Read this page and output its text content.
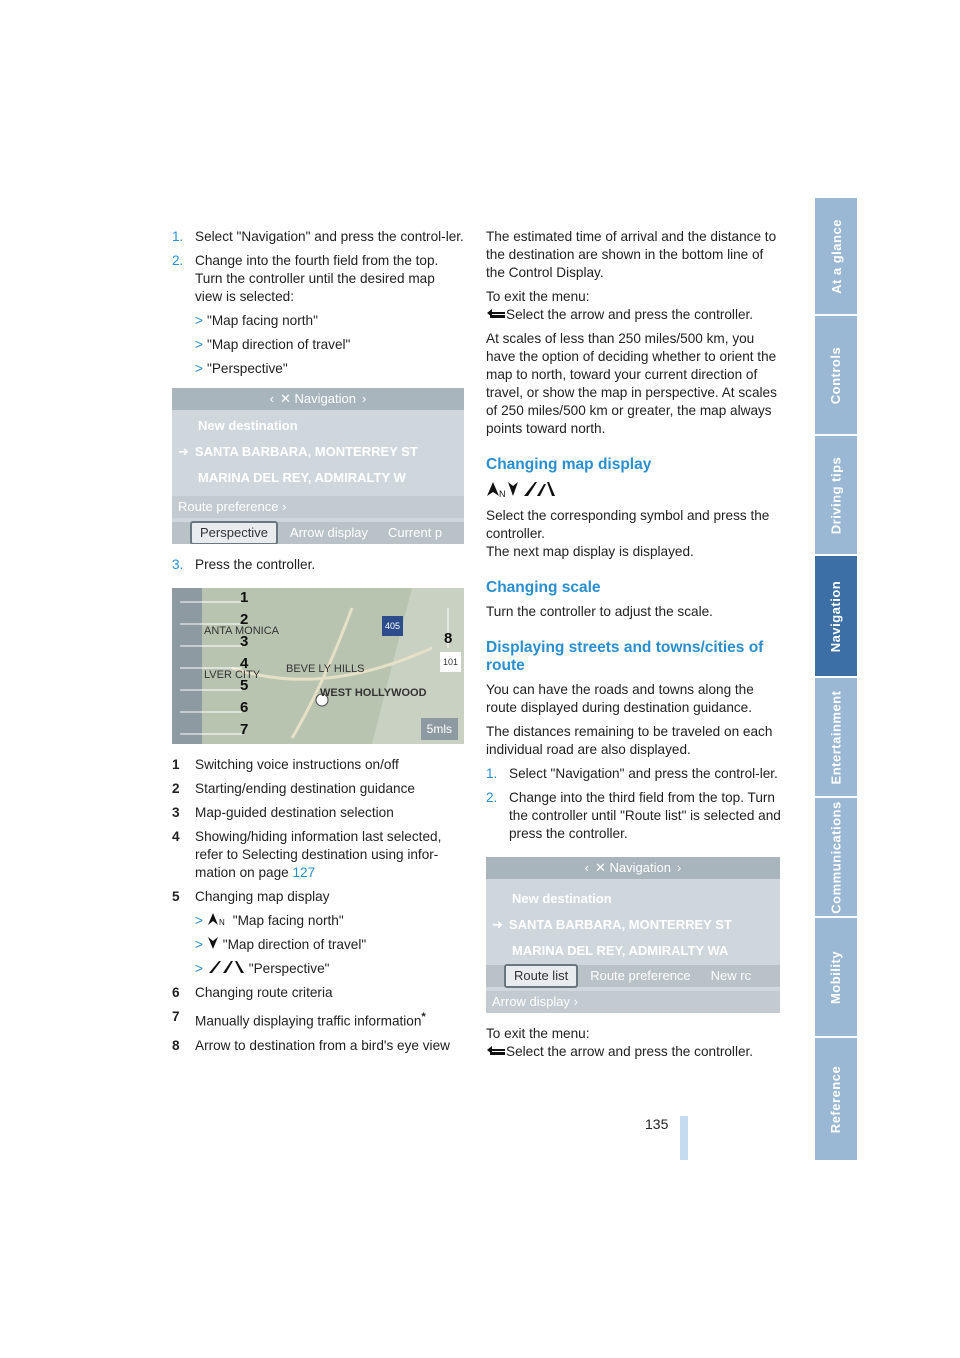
At a glance
Controls
Driving tips
Navigation
Entertainment
Communications
Mobility
Reference
1. Select "Navigation" and press the control-ler.
2. Change into the fourth field from the top. Turn the controller until the desired map view is selected:
> "Map facing north"
> "Map direction of travel"
> "Perspective"
‹ ✕
Navigation ›
New destination
➜ SANTA BARBARA, MONTERREY ST
MARINA DEL REY, ADMIRALTY W
Route preference ›
Perspective	Arrow display	Current p
3. Press the controller.
1
2
3
4
5
6
7
8
ANTA MONICA
BEVE LY HILLS
WEST HOLLYWOOD
LVER CITY
405
101
5mls
1	Switching voice instructions on/off
2	Starting/ending destination guidance
3	Map-guided destination selection
4	Showing/hiding information last selected, refer to Selecting destination using infor-mation on page 127
5	Changing map display
>	N
"Map facing north"
>
"Map direction of travel"
>
	"Perspective"
6	Changing route criteria
7	Manually displaying traffic information*
8	Arrow to destination from a bird's eye view

The estimated time of arrival and the distance to the destination are shown in the bottom line of the Control Display.

To exit the menu:

Select the arrow and press the controller.

At scales of less than 250 miles/500 km, you have the option of deciding whether to orient the map to north, toward your current direction of travel, or show the map in perspective. At scales of 250 miles/500 km or greater, the map always points toward north.

Changing map display
N

Select the corresponding symbol and press the controller.

The next map display is displayed.

Changing scale

Turn the controller to adjust the scale.

Displaying streets and towns/cities of route

You can have the roads and towns along the route displayed during destination guidance.

The distances remaining to be traveled on each individual road are also displayed.

1. Select "Navigation" and press the control-ler.
2. Change into the third field from the top. Turn the controller until "Route list" is selected and press the controller.
‹ ✕
Navigation ›
New destination
➜ SANTA BARBARA, MONTERREY ST
MARINA DEL REY, ADMIRALTY WA
Route list	Route preference	New rc
Arrow display ›

To exit the menu:

Select the arrow and press the controller.

135
